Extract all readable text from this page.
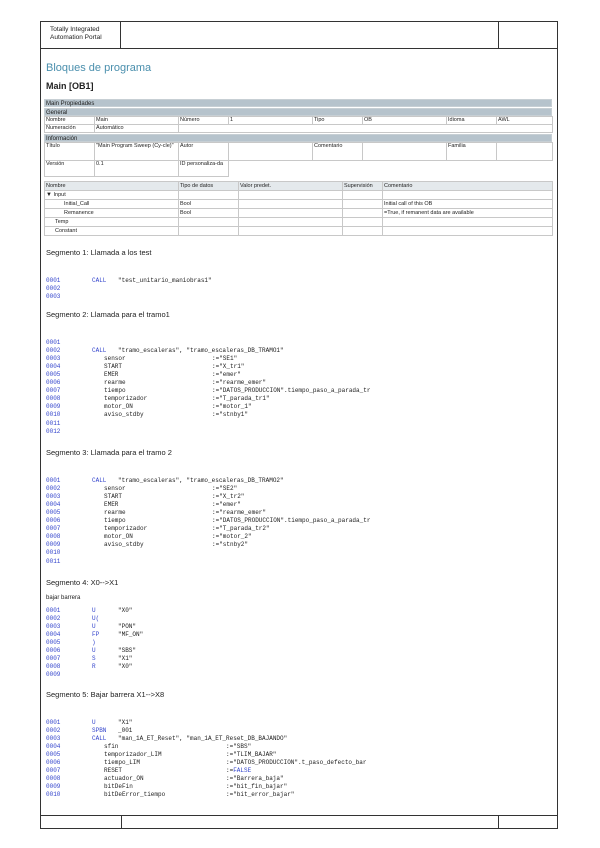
Totally Integrated Automation Portal
Bloques de programa
Main [OB1]
Main Propiedades
General
Nombre	Main	Número	1	Tipo	OB	Idioma	AWL
Numeración	Automático						
Información
Título	"Main Program Sweep (Cy-cle)"	Autor		Comentario		Familia	
Versión	0.1	ID personaliza-da					
Nombre	Tipo de datos	Valor predet.	Supervisión	Comentario
▼ Input				
Initial_Call	Bool			Initial call of this OB
Remanence	Bool			=True, if remanent data are available
Temp				
Constant				
Segmento 1: Llamada a los test
0001	CALL "test_unitario_maniobras1"
0002
0003
Segmento 2: Llamada para el tramo1
0001
0002	CALL "tramo_escaleras", "tramo_escaleras_DB_TRAMO1"
0003	sensor	:="SE1"
0004	START	:="X_tr1"
0005	EMER	:="emer"
0006	rearme	:="rearme_emer"
0007	tiempo	:="DATOS_PRODUCCION".tiempo_paso_a_parada_tr
0008	temporizador	:="T_parada_tr1"
0009	motor_ON	:="motor_1"
0010	aviso_stdby	:="stnby1"
0011
0012
Segmento 3: Llamada para el tramo 2
0001	CALL "tramo_escaleras", "tramo_escaleras_DB_TRAMO2"
0002	sensor	:="SE2"
0003	START	:="X_tr2"
0004	EMER	:="emer"
0005	rearme	:="rearme_emer"
0006	tiempo	:="DATOS_PRODUCCION".tiempo_paso_a_parada_tr
0007	temporizador	:="T_parada_tr2"
0008	motor_ON	:="motor_2"
0009	aviso_stdby	:="stnby2"
0010
0011
Segmento 4: X0-->X1
bajar barrera
0001	U	"X0"
0002	U(
0003	U	"PON"
0004	FP	"MF_ON"
0005	)
0006	U	"SBS"
0007	S	"X1"
0008	R	"X0"
0009
Segmento 5: Bajar barrera X1-->X8
0001	U	"X1"
0002	SPBN _001
0003	CALL "man_1A_ET_Reset", "man_1A_ET_Reset_DB_BAJANDO"
0004	sfin	:="SBS"
0005	temporizador_LIM	:="TLIM_BAJAR"
0006	tiempo_LIM	:="DATOS_PRODUCCION".t_paso_defecto_bar
0007	RESET	:=FALSE
0008	actuador_ON	:="Barrera_baja"
0009	bitDeFin	:="bit_fin_bajar"
0010	bitDeError_tiempo	:="bit_error_bajar"
